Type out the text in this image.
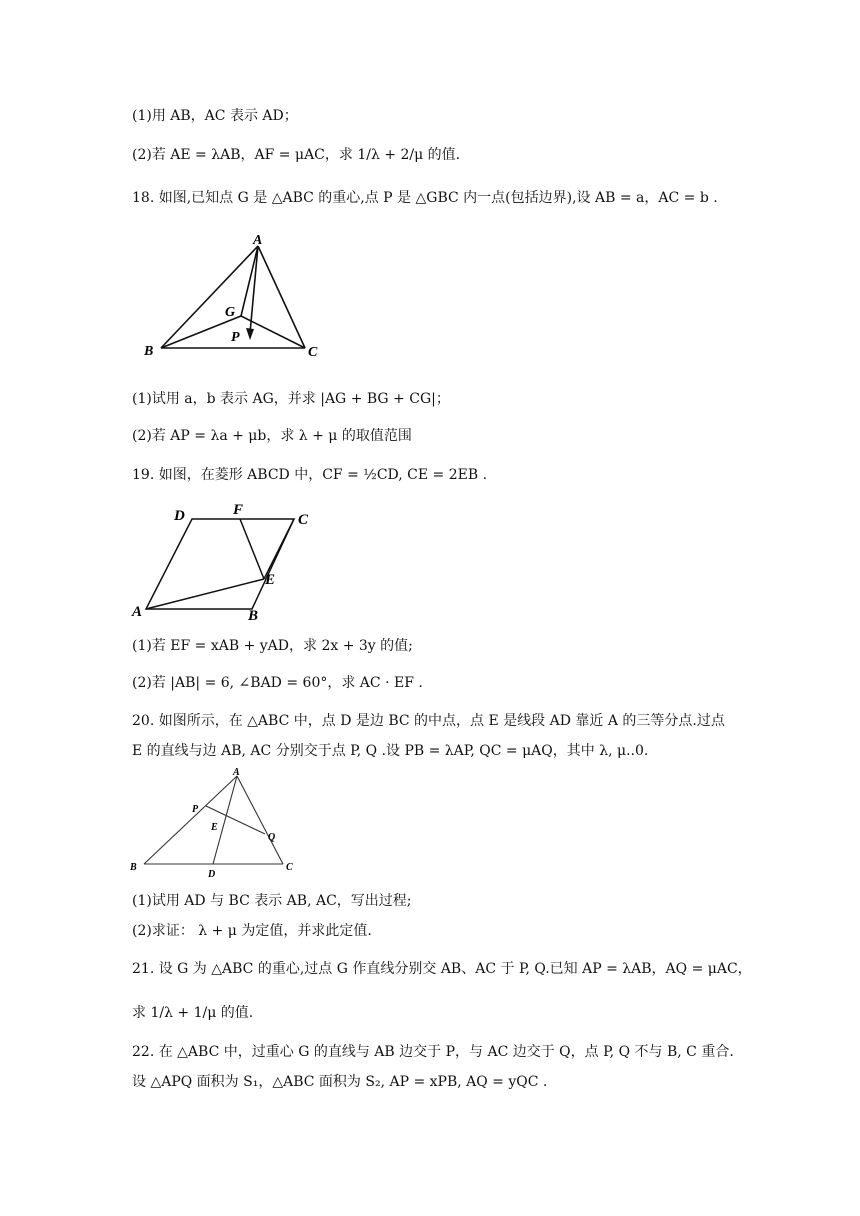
(1)用 AB，AC 表示 AD；
(2)若 AE = λAB，AF = μAC，求 1/λ + 2/μ 的值.
18. 如图,已知点 G 是 △ABC 的重心,点 P 是 △GBC 内一点(包括边界),设 AB = a，AC = b .
A
B	C
G
P
(1)试用 a，b 表示 AG，并求 |AG + BG + CG|；
(2)若 AP = λa + μb，求 λ + μ 的取值范围
19. 如图，在菱形 ABCD 中，CF = ½CD, CE = 2EB .
D	F
C
E
A	B
(1)若 EF = xAB + yAD，求 2x + 3y 的值;
(2)若 |AB| = 6, ∠BAD = 60°，求 AC · EF .
20. 如图所示，在 △ABC 中，点 D 是边 BC 的中点，点 E 是线段 AD 靠近 A 的三等分点.过点
E 的直线与边 AB, AC 分别交于点 P, Q .设 PB = λAP, QC = μAQ，其中 λ, μ..0.
A
B	C
D
E
P
Q
(1)试用 AD 与 BC 表示 AB, AC，写出过程;
(2)求证： λ + μ 为定值，并求此定值.
21. 设 G 为 △ABC 的重心,过点 G 作直线分别交 AB、AC 于 P, Q.已知 AP = λAB，AQ = μAC，
求 1/λ + 1/μ 的值.
22. 在 △ABC 中，过重心 G 的直线与 AB 边交于 P，与 AC 边交于 Q，点 P, Q 不与 B, C 重合.
设 △APQ 面积为 S₁，△ABC 面积为 S₂, AP = xPB, AQ = yQC .
